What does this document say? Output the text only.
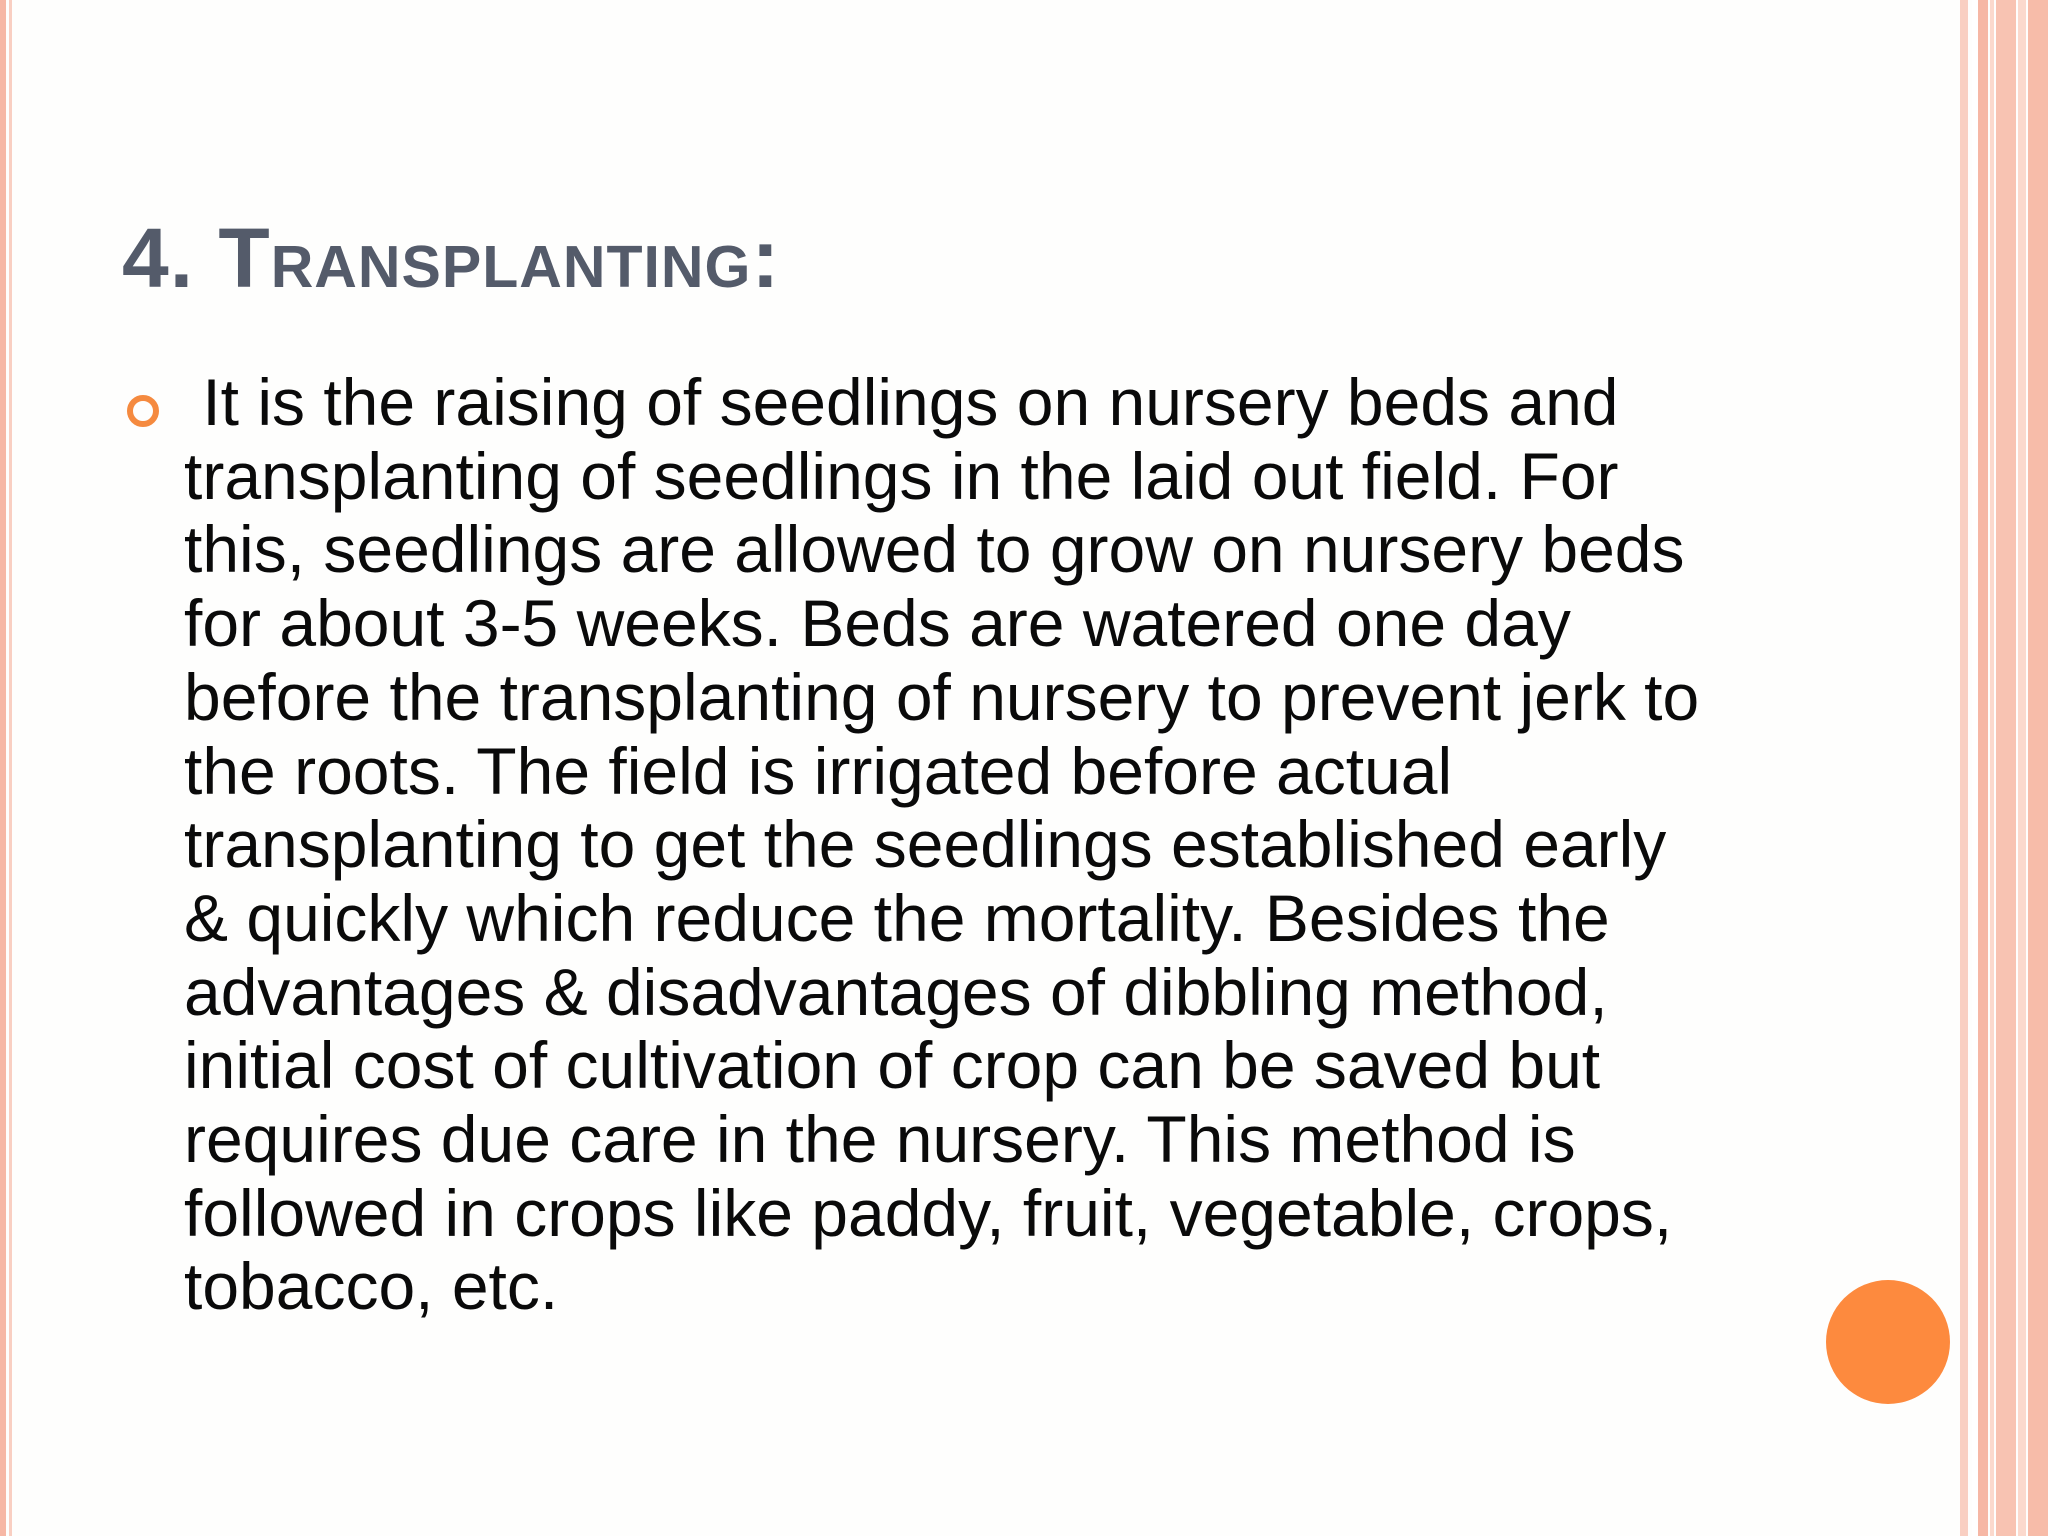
4. Transplanting:

It is the raising of seedlings on nursery beds and
transplanting of seedlings in the laid out field. For
this, seedlings are allowed to grow on nursery beds
for about 3-5 weeks. Beds are watered one day
before the transplanting of nursery to prevent jerk to
the roots. The field is irrigated before actual
transplanting to get the seedlings established early
& quickly which reduce the mortality. Besides the
advantages & disadvantages of dibbling method,
initial cost of cultivation of crop can be saved but
requires due care in the nursery. This method is
followed in crops like paddy, fruit, vegetable, crops,
tobacco, etc.
